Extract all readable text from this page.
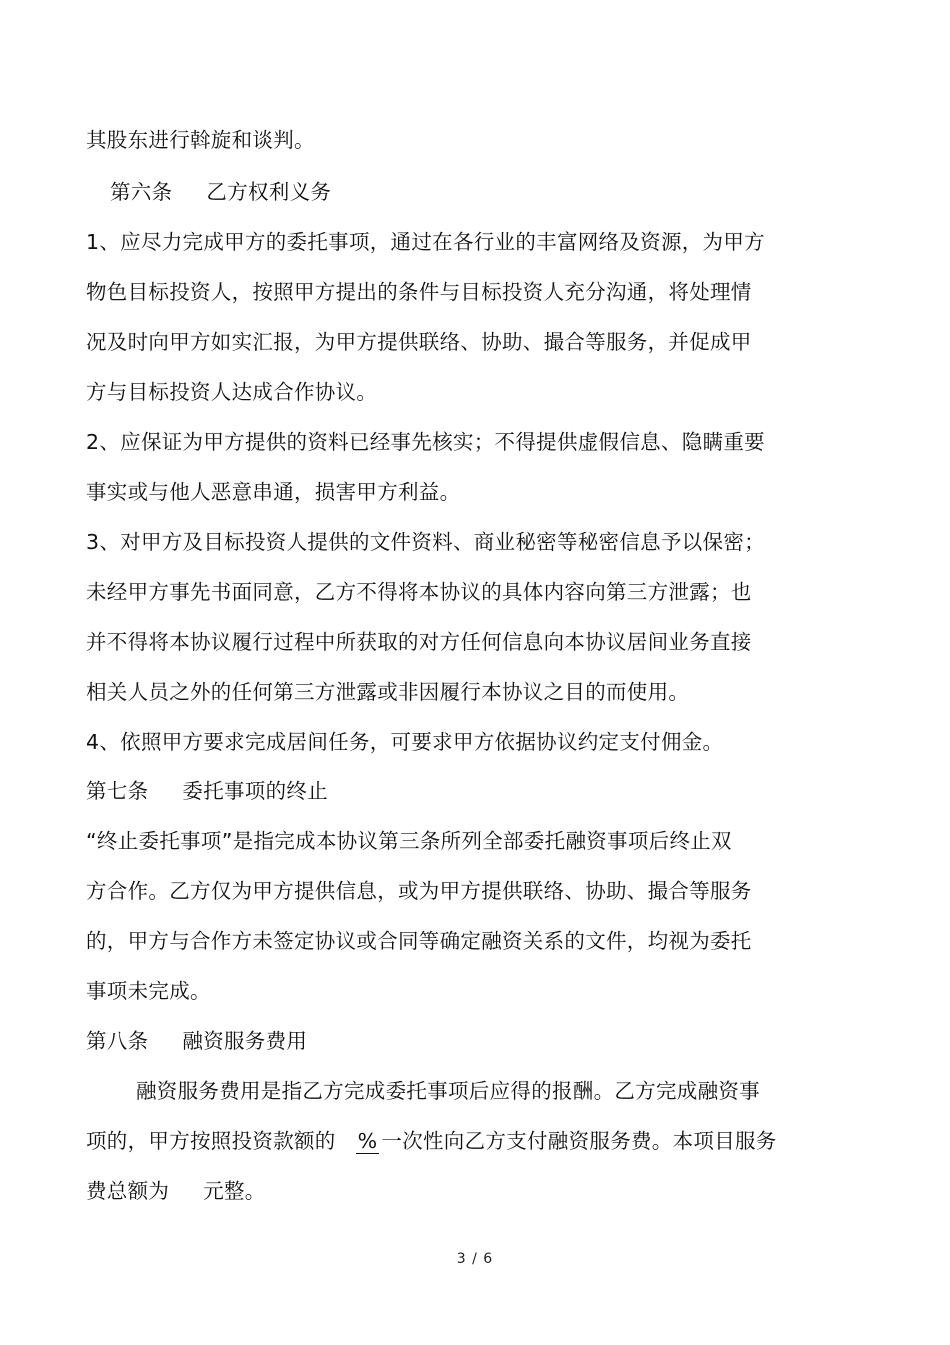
其股东进行斡旋和谈判。
第六条 乙方权利义务
1、应尽力完成甲方的委托事项，通过在各行业的丰富网络及资源，为甲方
物色目标投资人，按照甲方提出的条件与目标投资人充分沟通，将处理情
况及时向甲方如实汇报，为甲方提供联络、协助、撮合等服务，并促成甲
方与目标投资人达成合作协议。
2、应保证为甲方提供的资料已经事先核实；不得提供虚假信息、隐瞒重要
事实或与他人恶意串通，损害甲方利益。
3、对甲方及目标投资人提供的文件资料、商业秘密等秘密信息予以保密；
未经甲方事先书面同意，乙方不得将本协议的具体内容向第三方泄露；也
并不得将本协议履行过程中所获取的对方任何信息向本协议居间业务直接
相关人员之外的任何第三方泄露或非因履行本协议之目的而使用。
4、依照甲方要求完成居间任务，可要求甲方依据协议约定支付佣金。
第七条 委托事项的终止
“终止委托事项”是指完成本协议第三条所列全部委托融资事项后终止双
方合作。乙方仅为甲方提供信息，或为甲方提供联络、协助、撮合等服务
的，甲方与合作方未签定协议或合同等确定融资关系的文件，均视为委托
事项未完成。
第八条 融资服务费用
融资服务费用是指乙方完成委托事项后应得的报酬。乙方完成融资事
项的，甲方按照投资款额的 % 一次性向乙方支付融资服务费。本项目服务
费总额为 元整。
3 / 6
